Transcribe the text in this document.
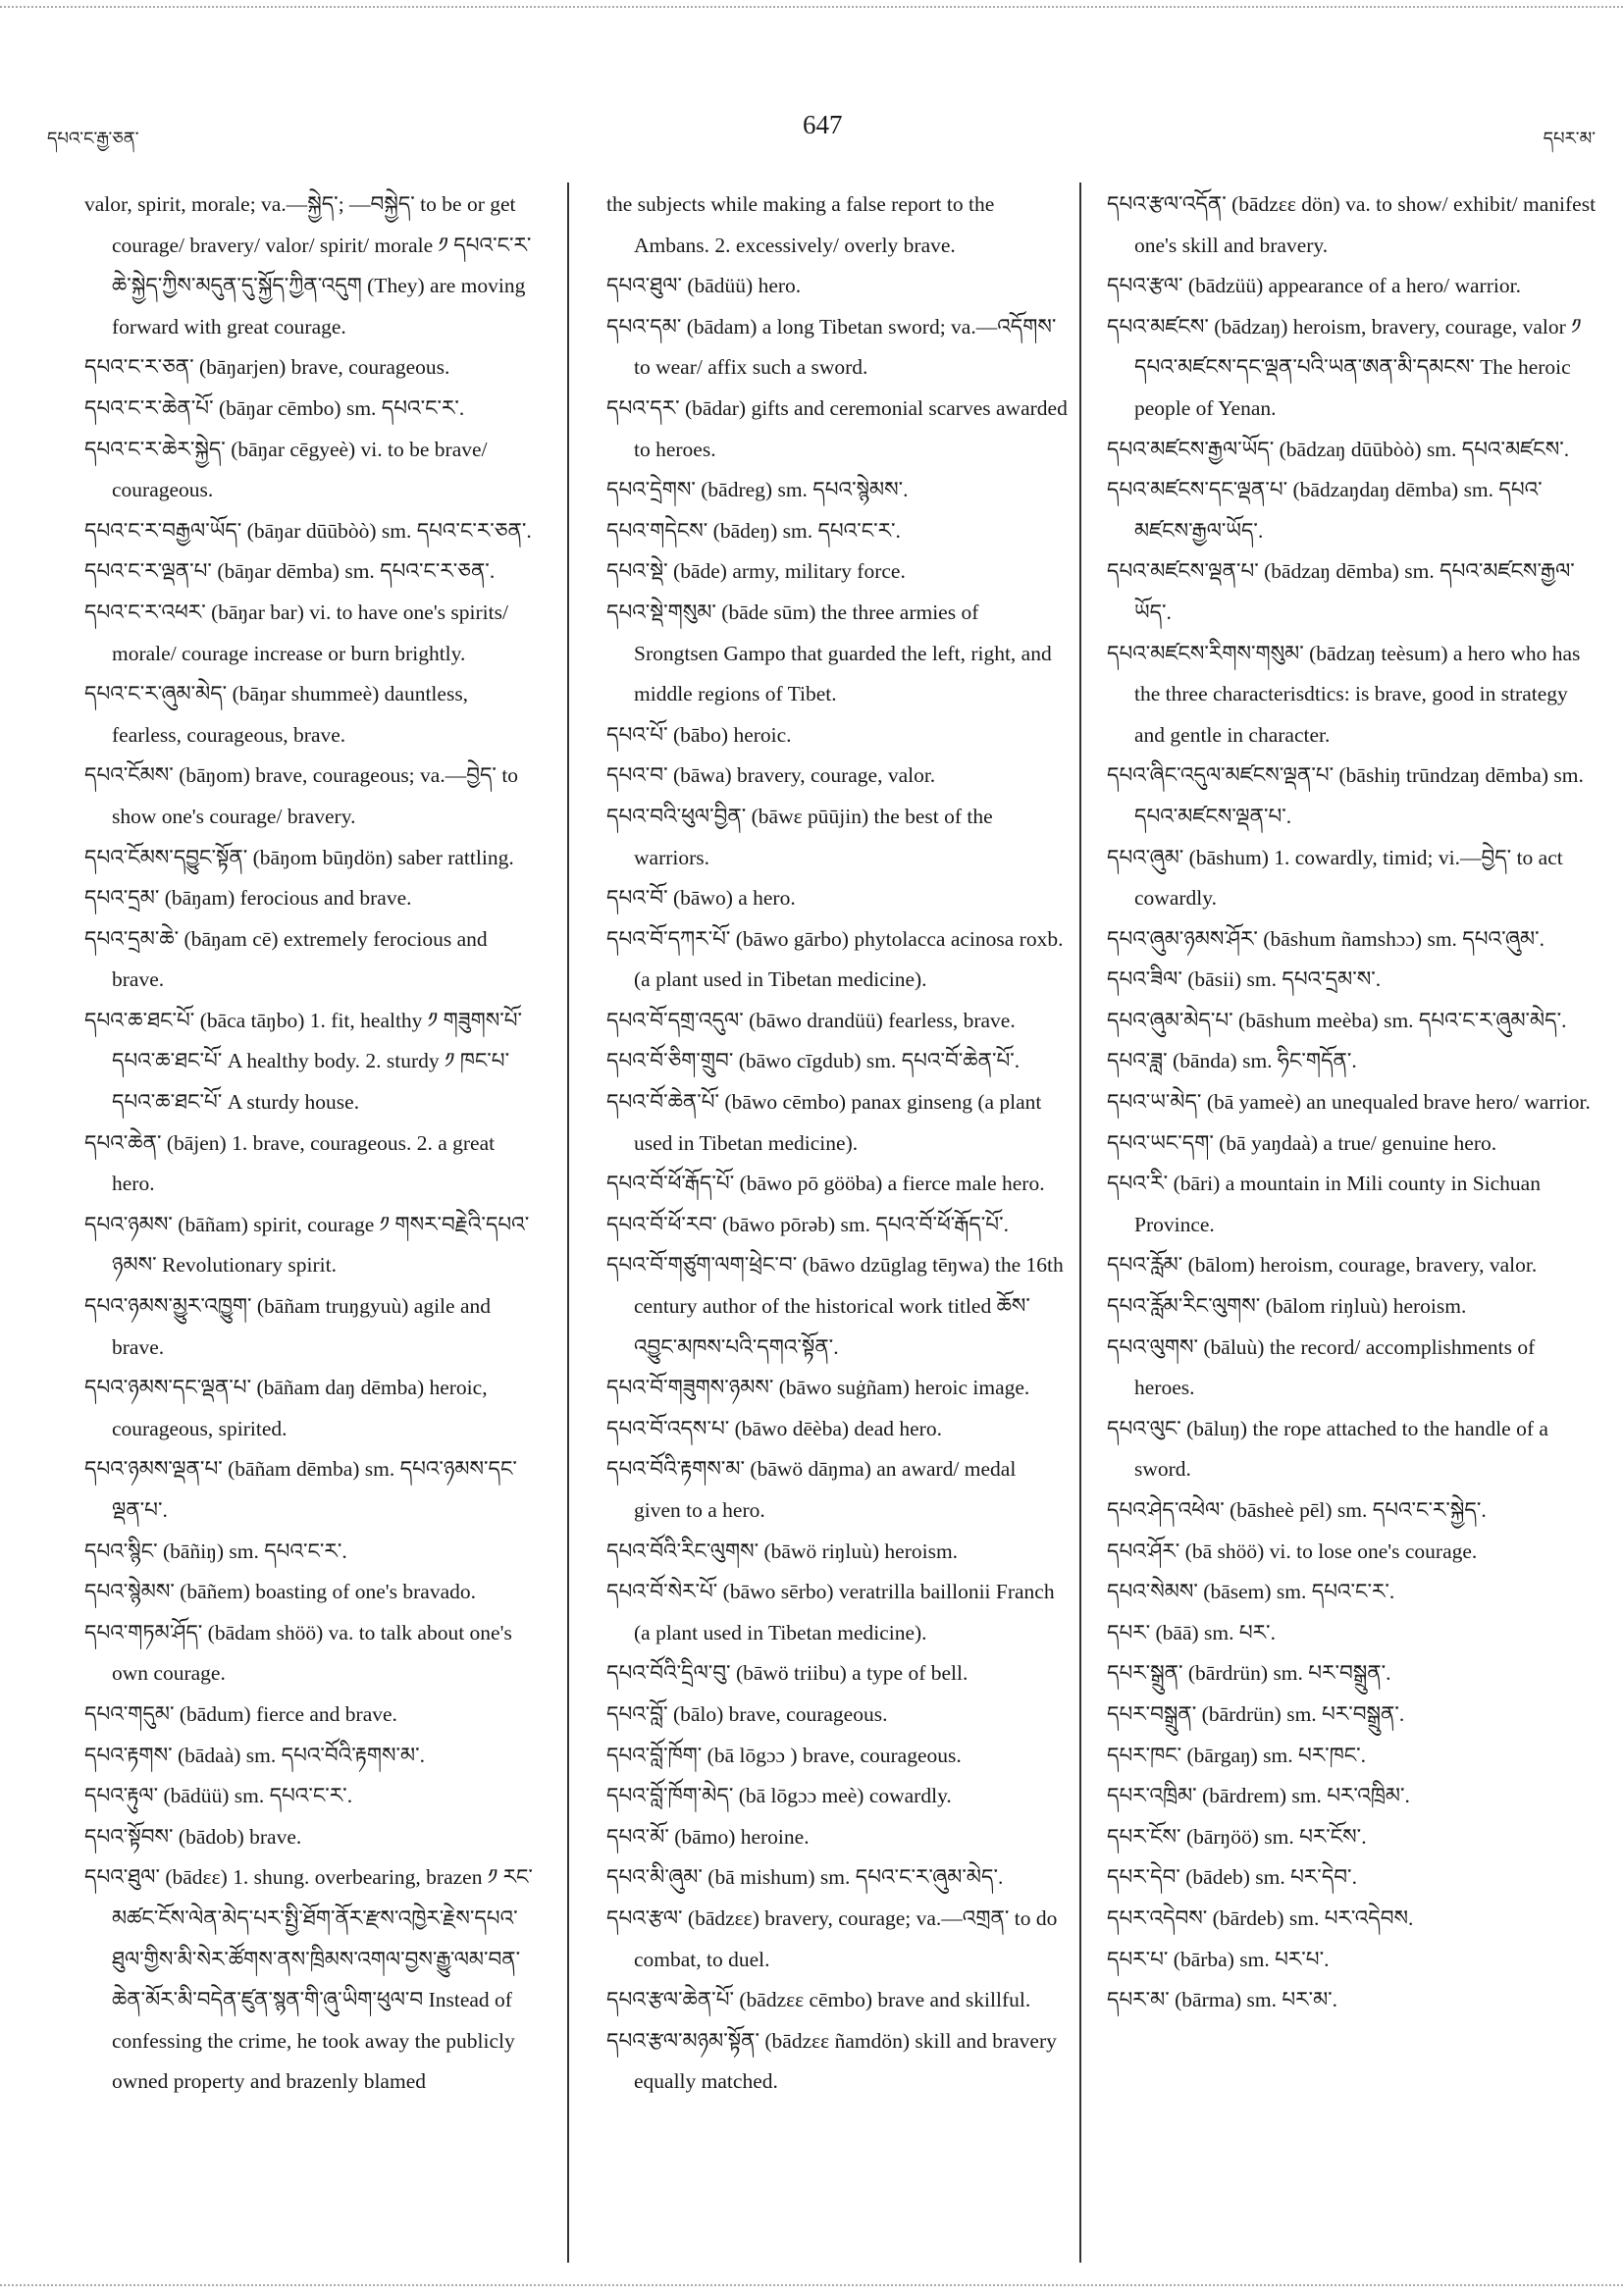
དཔའ་ང་རྒྱ་ཅན་	647	དཔར་མ་

valor, spirit, morale; va.—སྐྱེད་; —བསྐྱེད་ to be or get courage/ bravery/ valor/ spirit/ morale ༡ དཔའ་ང་ར་ཆེ་སྐྱེད་ཀྱིས་མདུན་དུ་སྐྱོད་ཀྱིན་འདུག (They) are moving forward with great courage.

དཔའ་ང་ར་ཅན་ (bāŋarjen) brave, courageous.

དཔའ་ང་ར་ཆེན་པོ་ (bāŋar cēmbo) sm. དཔའ་ང་ར་.

དཔའ་ང་ར་ཆེར་སྐྱེད་ (bāŋar cēgyeè) vi. to be brave/ courageous.

དཔའ་ང་ར་བརྒྱལ་ཡོད་ (bāŋar dūūbòò) sm. དཔའ་ང་ར་ཅན་.

དཔའ་ང་ར་ལྡན་པ་ (bāŋar dēmba) sm. དཔའ་ང་ར་ཅན་.

དཔའ་ང་ར་འཕར་ (bāŋar bar) vi. to have one's spirits/ morale/ courage increase or burn brightly.

དཔའ་ང་ར་ཞུམ་མེད་ (bāŋar shummeè) dauntless, fearless, courageous, brave.

དཔའ་ངོམས་ (bāŋom) brave, courageous; va.—བྱེད་ to show one's courage/ bravery.

དཔའ་ངོམས་དབྱུང་སྟོན་ (bāŋom būŋdön) saber rattling.

དཔའ་དྲམ་ (bāŋam) ferocious and brave.

དཔའ་དྲམ་ཆེ་ (bāŋam cē) extremely ferocious and brave.

དཔའ་ཆ་ཐང་པོ་ (bāca tāŋbo) 1. fit, healthy ༡ གཟུགས་པོ་དཔའ་ཆ་ཐང་པོ་ A healthy body. 2. sturdy ༡ ཁང་པ་དཔའ་ཆ་ཐང་པོ་ A sturdy house.

དཔའ་ཆེན་ (bājen) 1. brave, courageous. 2. a great hero.

དཔའ་ཉམས་ (bāñam) spirit, courage ༡ གསར་བརྗེའི་དཔའ་ཉམས་ Revolutionary spirit.

དཔའ་ཉམས་མྱུར་འཁྱུག་ (bāñam truŋgyuù) agile and brave.

དཔའ་ཉམས་དང་ལྡན་པ་ (bāñam daŋ dēmba) heroic, courageous, spirited.

དཔའ་ཉམས་ལྡན་པ་ (bāñam dēmba) sm. དཔའ་ཉམས་དང་ལྡན་པ་.

དཔའ་སྙིང་ (bāñiŋ) sm. དཔའ་ང་ར་.

དཔའ་སྙེམས་ (bāñem) boasting of one's bravado.

དཔའ་གཏམ་ཤོད་ (bādam shöö) va. to talk about one's own courage.

དཔའ་གདུམ་ (bādum) fierce and brave.

དཔའ་རྟགས་ (bādaà) sm. དཔའ་བོའི་རྟགས་མ་.

དཔའ་རྟུལ་ (bādüü) sm. དཔའ་ང་ར་.

དཔའ་སྟོབས་ (bādob) brave.

དཔའ་ཐུལ་ (bādεε) 1. shung. overbearing, brazen ༡ རང་མཚང་ངོས་ལེན་མེད་པར་སྤྱི་ཐོག་ནོར་རྫས་འཁྱེར་རྗེས་དཔའ་ཐུལ་གྱིས་མི་སེར་ཚོགས་ནས་ཁྲིམས་འགལ་བྱས་རྒྱུ་ལམ་བན་ཆེན་མོར་མི་བདེན་ཛུན་སྙན་གི་ཞུ་ཡིག་ཕུལ་བ Instead of confessing the crime, he took away the publicly owned property and brazenly blamed

the subjects while making a false report to the Ambans. 2. excessively/ overly brave.

དཔའ་ཐུལ་ (bādüü) hero.

དཔའ་དམ་ (bādam) a long Tibetan sword; va.—འདོགས་ to wear/ affix such a sword.

དཔའ་དར་ (bādar) gifts and ceremonial scarves awarded to heroes.

དཔའ་དྲེགས་ (bādreg) sm. དཔའ་སྙེམས་.

དཔའ་གདེངས་ (bādeŋ) sm. དཔའ་ང་ར་.

དཔའ་སྡེ་ (bāde) army, military force.

དཔའ་སྡེ་གསུམ་ (bāde sūm) the three armies of Srongtsen Gampo that guarded the left, right, and middle regions of Tibet.

དཔའ་པོ་ (bābo) heroic.

དཔའ་བ་ (bāwa) bravery, courage, valor.

དཔའ་བའི་ཕུལ་བྱིན་ (bāwε pūūjin) the best of the warriors.

དཔའ་བོ་ (bāwo) a hero.

དཔའ་བོ་དཀར་པོ་ (bāwo gārbo) phytolacca acinosa roxb. (a plant used in Tibetan medicine).

དཔའ་བོ་དགྲ་འདུལ་ (bāwo drandüü) fearless, brave.

དཔའ་བོ་ཅིག་གྲུབ་ (bāwo cīgdub) sm. དཔའ་བོ་ཆེན་པོ་.

དཔའ་བོ་ཆེན་པོ་ (bāwo cēmbo) panax ginseng (a plant used in Tibetan medicine).

དཔའ་བོ་ཕོ་རྒོད་པོ་ (bāwo pō gööba) a fierce male hero.

དཔའ་བོ་ཕོ་རབ་ (bāwo pōrəb) sm. དཔའ་བོ་ཕོ་རྒོད་པོ་.

དཔའ་བོ་གཙུག་ལག་ཕྲེང་བ་ (bāwo dzūglag tēŋwa) the 16th century author of the historical work titled ཆོས་འབྱུང་མཁས་པའི་དགའ་སྟོན་.

དཔའ་བོ་གཟུགས་ཉམས་ (bāwo suġñam) heroic image.

དཔའ་བོ་འདས་པ་ (bāwo dēèba) dead hero.

དཔའ་བོའི་རྟགས་མ་ (bāwö dāŋma) an award/ medal given to a hero.

དཔའ་བོའི་རིང་ལུགས་ (bāwö riŋluù) heroism.

དཔའ་བོ་སེར་པོ་ (bāwo sērbo) veratrilla baillonii Franch (a plant used in Tibetan medicine).

དཔའ་བོའི་དྲིལ་བུ་ (bāwö triibu) a type of bell.

དཔའ་བློ་ (bālo) brave, courageous.

དཔའ་བློ་ཁོག་ (bā lōgɔɔ ) brave, courageous.

དཔའ་བློ་ཁོག་མེད་ (bā lōgɔɔ meè) cowardly.

དཔའ་མོ་ (bāmo) heroine.

དཔའ་མི་ཞུམ་ (bā mishum) sm. དཔའ་ང་ར་ཞུམ་མེད་.

དཔའ་རྩལ་ (bādzεε) bravery, courage; va.—འགྲན་ to do combat, to duel.

དཔའ་རྩལ་ཆེན་པོ་ (bādzεε cēmbo) brave and skillful.

དཔའ་རྩལ་མཉམ་སྟོན་ (bādzεε ñamdön) skill and bravery equally matched.

དཔའ་རྩལ་འདོན་ (bādzεε dön) va. to show/ exhibit/ manifest one's skill and bravery.

དཔའ་རྩལ་ (bādzüü) appearance of a hero/ warrior.

དཔའ་མཛངས་ (bādzaŋ) heroism, bravery, courage, valor ༡ དཔའ་མཛངས་དང་ལྡན་པའི་ཡན་ཨན་མི་དམངས་ The heroic people of Yenan.

དཔའ་མཛངས་རྒྱལ་ཡོད་ (bādzaŋ dūūbòò) sm. དཔའ་མཛངས་.

དཔའ་མཛངས་དང་ལྡན་པ་ (bādzaŋdaŋ dēmba) sm. དཔའ་མཛངས་རྒྱལ་ཡོད་.

དཔའ་མཛངས་ལྡན་པ་ (bādzaŋ dēmba) sm. དཔའ་མཛངས་རྒྱལ་ཡོད་.

དཔའ་མཛངས་རིགས་གསུམ་ (bādzaŋ teèsum) a hero who has the three characterisdtics: is brave, good in strategy and gentle in character.

དཔའ་ཞིང་འདུལ་མཛངས་ལྡན་པ་ (bāshiŋ trūndzaŋ dēmba) sm. དཔའ་མཛངས་ལྡན་པ་.

དཔའ་ཞུམ་ (bāshum) 1. cowardly, timid; vi.—བྱེད་ to act cowardly.

དཔའ་ཞུམ་ཉམས་ཤོར་ (bāshum ñamshɔɔ) sm. དཔའ་ཞུམ་.

དཔའ་ཟིལ་ (bāsii) sm. དཔའ་དྲམ་ས་.

དཔའ་ཞུམ་མེད་པ་ (bāshum meèba) sm. དཔའ་ང་ར་ཞུམ་མེད་.

དཔའ་ཟླ་ (bānda) sm. ཧིང་གདོན་.

དཔའ་ཡ་མེད་ (bā yameè) an unequaled brave hero/ warrior.

དཔའ་ཡང་དག་ (bā yaŋdaà) a true/ genuine hero.

དཔའ་རི་ (bāri) a mountain in Mili county in Sichuan Province.

དཔའ་རློམ་ (bālom) heroism, courage, bravery, valor.

དཔའ་རློམ་རིང་ལུགས་ (bālom riŋluù) heroism.

དཔའ་ལུགས་ (bāluù) the record/ accomplishments of heroes.

དཔའ་ལུང་ (bāluŋ) the rope attached to the handle of a sword.

དཔའ་ཤེད་འཕེལ་ (bāsheè pēl) sm. དཔའ་ང་ར་སྐྱེད་.

དཔའ་ཤོར་ (bā shöö) vi. to lose one's courage.

དཔའ་སེམས་ (bāsem) sm. དཔའ་ང་ར་.

དཔར་ (bāā) sm. པར་.

དཔར་སྒྲུན་ (bārdrün) sm. པར་བསྒྲུན་.

དཔར་བསྒྲུན་ (bārdrün) sm. པར་བསྒྲུན་.

དཔར་ཁང་ (bārgaŋ) sm. པར་ཁང་.

དཔར་འཁྲིམ་ (bārdrem) sm. པར་འཁྲིམ་.

དཔར་ངོས་ (bārŋöö) sm. པར་ངོས་.

དཔར་དེབ་ (bādeb) sm. པར་དེབ་.

དཔར་འདེབས་ (bārdeb) sm. པར་འདེབས.

དཔར་པ་ (bārba) sm. པར་པ་.

དཔར་མ་ (bārma) sm. པར་མ་.
